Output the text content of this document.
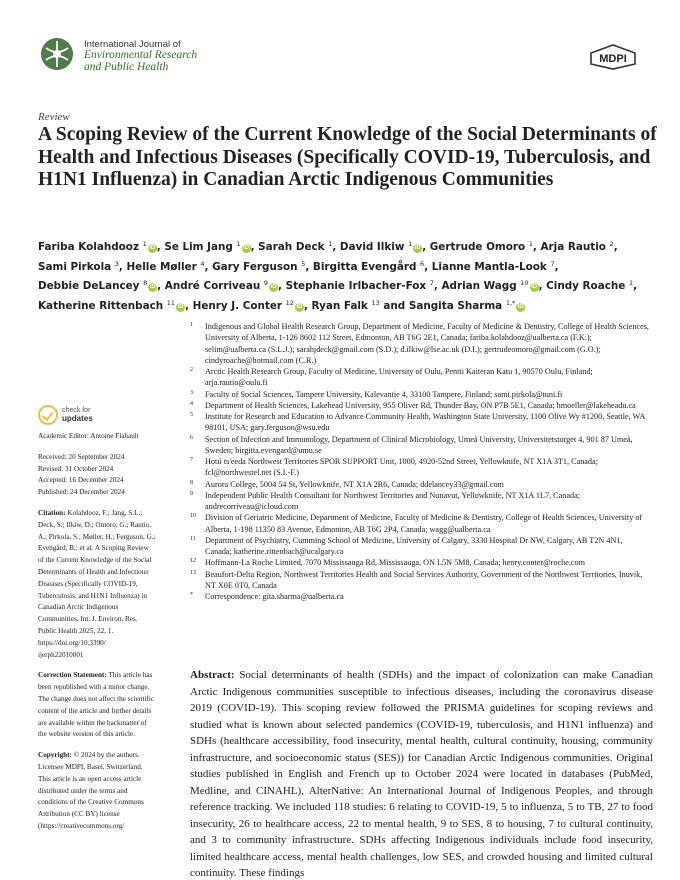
International Journal of
Environmental Research
and Public Health
MDPI
Review
A Scoping Review of the Current Knowledge of the Social Determinants of Health and Infectious Diseases (Specifically COVID-19, Tuberculosis, and H1N1 Influenza) in Canadian Arctic Indigenous Communities
Fariba Kolahdooz $^1$ iD , Se Lim Jang $^1$ iD , Sarah Deck $^1$, David Ilkiw $^1$ iD , Gertrude Omoro $^1$, Arja Rautio $^2$, Sami Pirkola $^3$, Helle Møller $^4$, Gary Ferguson $^5$, Birgitta Evengård $^6$, Lianne Mantla-Look $^7$, Debbie DeLancey $^8$ iD , André Corriveau $^9$ iD , Stephanie Irlbacher-Fox $^7$, Adrian Wagg $^{10}$ iD , Cindy Roache $^1$, Katherine Rittenbach $^{11}$ iD , Henry J. Conter $^{12}$ iD , Ryan Falk $^{13}$ and Sangita Sharma $^{1,*}$ iD
1 Indigenous and Global Health Research Group, Department of Medicine, Faculty of Medicine & Dentistry, College of Health Sciences, University of Alberta, 1-126 8602 112 Street, Edmonton, AB T6G 2E1, Canada; fariba.kolahdooz@ualberta.ca (F.K.); selim@ualberta.ca (S.L.J.); sarahjdeck@gmail.com (S.D.); d.ilkiw@lse.ac.uk (D.I.); gertrudeomoro@gmail.com (G.O.); cindyroache@hotmail.com (C.R.)
2 Arctic Health Research Group, Faculty of Medicine, University of Oulu, Pentti Kaiteran Katu 1, 90570 Oulu, Finland; arja.rautio@oulu.fi
3 Faculty of Social Sciences, Tampere University, Kalevantie 4, 33100 Tampere, Finland; sami.pirkola@tuni.fi
4 Department of Health Sciences, Lakehead University, 955 Oliver Rd, Thunder Bay, ON P7B 5E1, Canada; hmoeller@lakeheadu.ca
5 Institute for Research and Education to Advance Community Health, Washington State University, 1100 Olive Wy #1200, Seattle, WA 98101, USA; gary.ferguson@wsu.edu
6 Section of Infection and Immunology, Department of Clinical Microbiology, Umeå University, Universitetstorget 4, 901 87 Umeå, Sweden; birgitta.evengard@umu.se
7 Hotıì ts'eeda Northwest Territories SPOR SUPPORT Unit, 1000, 4920-52nd Street, Yellowknife, NT X1A 3T1, Canada; fcl@northwestel.net (S.I.-F.)
8 Aurora College, 5004 54 St, Yellowknife, NT X1A 2R6, Canada; ddelancey33@gmail.com
9 Independent Public Health Consultant for Northwest Territories and Nunavut, Yellowknife, NT X1A 1L7, Canada; andrecorriveau@icloud.com
10 Division of Geriatric Medicine, Department of Medicine, Faculty of Medicine & Dentistry, College of Health Sciences, University of Alberta, 1-198 11350 83 Avenue, Edmonton, AB T6G 2P4, Canada; wagg@ualberta.ca
11 Department of Psychiatry, Cumming School of Medicine, University of Calgary, 3330 Hospital Dr NW, Calgary, AB T2N 4N1, Canada; katherine.rittenbach@ucalgary.ca
12 Hoffmann-La Roche Limited, 7070 Mississauga Rd, Mississauga, ON L5N 5M8, Canada; henry.conter@roche.com
13 Beaufort-Delta Region, Northwest Territories Health and Social Services Authority, Government of the Northwest Territories, Inuvik, NT X0E 0T0, Canada
* Correspondence: gita.sharma@ualberta.ca
check for
updates
Academic Editor: Antoine Flahault
Received: 20 September 2024
Revised: 31 October 2024
Accepted: 16 December 2024
Published: 24 December 2024
Citation: Kolahdooz, F.; Jang, S.L.;
Deck, S.; Ilkiw, D.; Omoro, G.; Rautio,
A.; Pirkola, S.; Møller, H.; Ferguson, G.;
Evengård, B.; et al. A Scoping Review
of the Current Knowledge of the Social
Determinants of Health and Infectious
Diseases (Specifically COVID-19,
Tuberculosis, and H1N1 Influenza) in
Canadian Arctic Indigenous
Communities. Int. J. Environ. Res.
Public Health 2025, 22, 1.
https://doi.org/10.3390/
ijerph22010001
Correction Statement: This article has
been republished with a minor change.
The change does not affect the scientific
content of the article and further details
are available within the backmatter of
the website version of this article.
Copyright: © 2024 by the authors.
Licensee MDPI, Basel, Switzerland.
This article is an open access article
distributed under the terms and
conditions of the Creative Commons
Attribution (CC BY) license
(https://creativecommons.org/

Abstract: Social determinants of health (SDHs) and the impact of colonization can make Canadian Arctic Indigenous communities susceptible to infectious diseases, including the coronavirus disease 2019 (COVID-19). This scoping review followed the PRISMA guidelines for scoping reviews and studied what is known about selected pandemics (COVID-19, tuberculosis, and H1N1 influenza) and SDHs (healthcare accessibility, food insecurity, mental health, cultural continuity, housing, community infrastructure, and socioeconomic status (SES)) for Canadian Arctic Indigenous communities. Original studies published in English and French up to October 2024 were located in databases (PubMed, Medline, and CINAHL), AlterNative: An International Journal of Indigenous Peoples, and through reference tracking. We included 118 studies: 6 relating to COVID-19, 5 to influenza, 5 to TB, 27 to food insecurity, 26 to healthcare access, 22 to mental health, 9 to SES, 8 to housing, 7 to cultural continuity, and 3 to community infrastructure. SDHs affecting Indigenous individuals include food insecurity, limited healthcare access, mental health challenges, low SES, and crowded housing and limited cultural continuity. These findings
